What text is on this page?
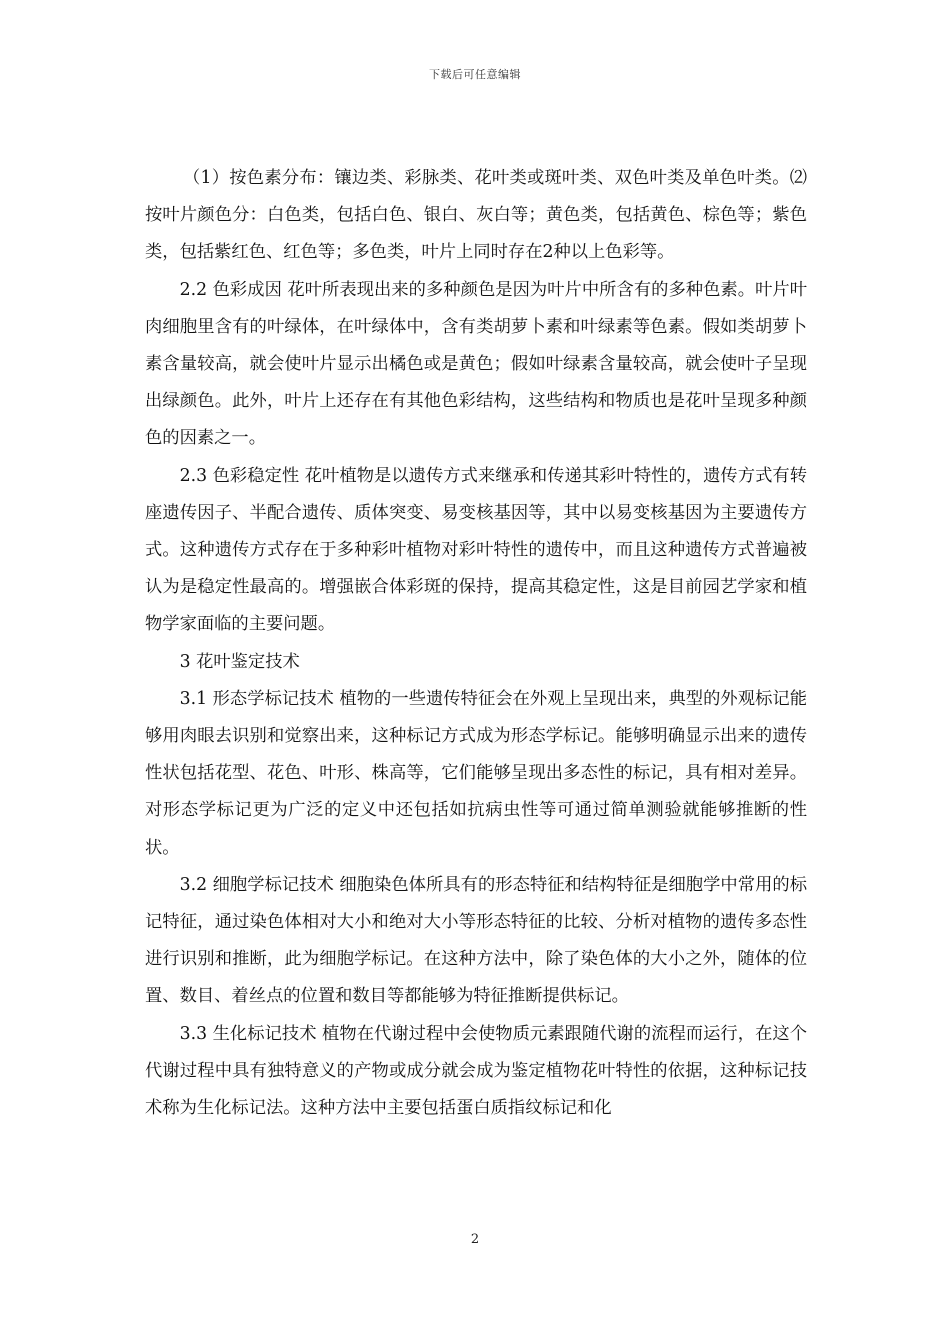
下载后可任意编辑

（1）按色素分布：镶边类、彩脉类、花叶类或斑叶类、双色叶类及单色叶类。⑵按叶片颜色分：白色类，包括白色、银白、灰白等；黄色类，包括黄色、棕色等；紫色类，包括紫红色、红色等；多色类，叶片上同时存在2种以上色彩等。

2.2 色彩成因 花叶所表现出来的多种颜色是因为叶片中所含有的多种色素。叶片叶肉细胞里含有的叶绿体，在叶绿体中，含有类胡萝卜素和叶绿素等色素。假如类胡萝卜素含量较高，就会使叶片显示出橘色或是黄色；假如叶绿素含量较高，就会使叶子呈现出绿颜色。此外，叶片上还存在有其他色彩结构，这些结构和物质也是花叶呈现多种颜色的因素之一。

2.3 色彩稳定性 花叶植物是以遗传方式来继承和传递其彩叶特性的，遗传方式有转座遗传因子、半配合遗传、质体突变、易变核基因等，其中以易变核基因为主要遗传方式。这种遗传方式存在于多种彩叶植物对彩叶特性的遗传中，而且这种遗传方式普遍被认为是稳定性最高的。增强嵌合体彩斑的保持，提高其稳定性，这是目前园艺学家和植物学家面临的主要问题。

3 花叶鉴定技术

3.1 形态学标记技术 植物的一些遗传特征会在外观上呈现出来，典型的外观标记能够用肉眼去识别和觉察出来，这种标记方式成为形态学标记。能够明确显示出来的遗传性状包括花型、花色、叶形、株高等，它们能够呈现出多态性的标记，具有相对差异。对形态学标记更为广泛的定义中还包括如抗病虫性等可通过简单测验就能够推断的性状。

3.2 细胞学标记技术 细胞染色体所具有的形态特征和结构特征是细胞学中常用的标记特征，通过染色体相对大小和绝对大小等形态特征的比较、分析对植物的遗传多态性进行识别和推断，此为细胞学标记。在这种方法中，除了染色体的大小之外，随体的位置、数目、着丝点的位置和数目等都能够为特征推断提供标记。

3.3 生化标记技术 植物在代谢过程中会使物质元素跟随代谢的流程而运行，在这个代谢过程中具有独特意义的产物或成分就会成为鉴定植物花叶特性的依据，这种标记技术称为生化标记法。这种方法中主要包括蛋白质指纹标记和化

2
